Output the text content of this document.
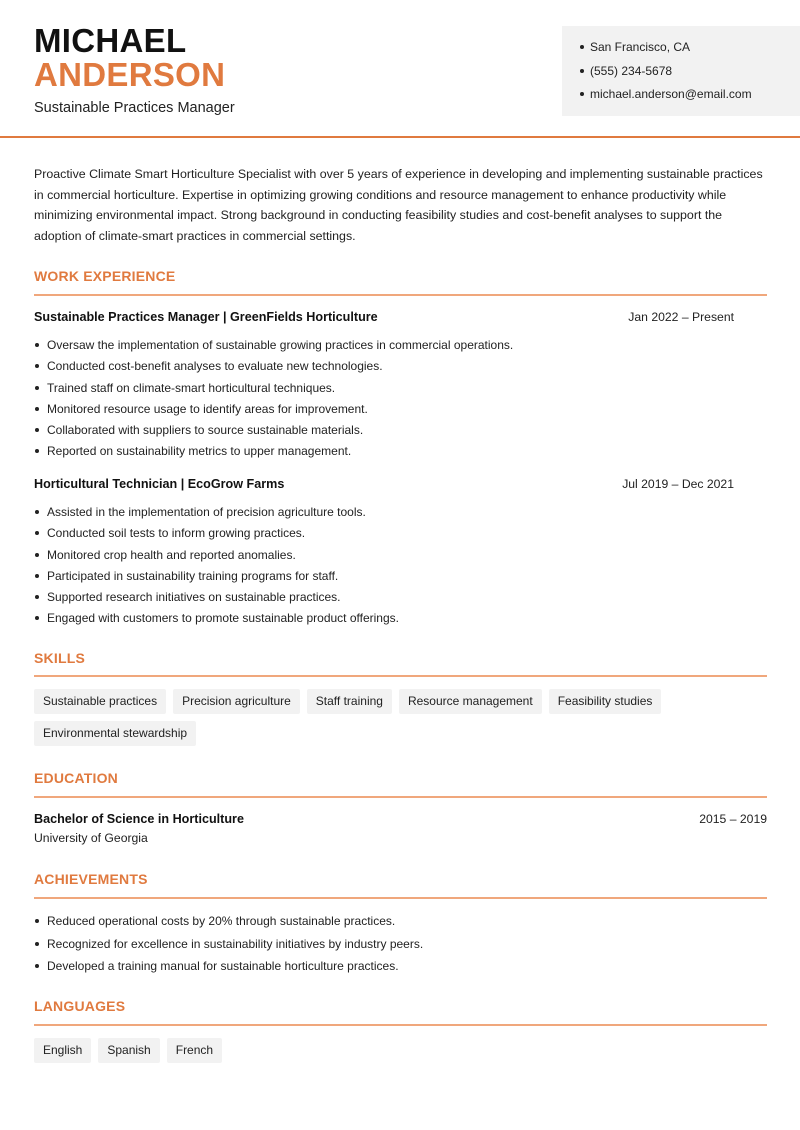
MICHAEL
ANDERSON
Sustainable Practices Manager
San Francisco, CA
(555) 234-5678
michael.anderson@email.com

Proactive Climate Smart Horticulture Specialist with over 5 years of experience in developing and implementing sustainable practices in commercial horticulture. Expertise in optimizing growing conditions and resource management to enhance productivity while minimizing environmental impact. Strong background in conducting feasibility studies and cost-benefit analyses to support the adoption of climate-smart practices in commercial settings.

WORK EXPERIENCE
Sustainable Practices Manager | GreenFields Horticulture	Jan 2022 – Present
Oversaw the implementation of sustainable growing practices in commercial operations.
Conducted cost-benefit analyses to evaluate new technologies.
Trained staff on climate-smart horticultural techniques.
Monitored resource usage to identify areas for improvement.
Collaborated with suppliers to source sustainable materials.
Reported on sustainability metrics to upper management.
Horticultural Technician | EcoGrow Farms	Jul 2019 – Dec 2021
Assisted in the implementation of precision agriculture tools.
Conducted soil tests to inform growing practices.
Monitored crop health and reported anomalies.
Participated in sustainability training programs for staff.
Supported research initiatives on sustainable practices.
Engaged with customers to promote sustainable product offerings.
SKILLS
Sustainable practices	Precision agriculture	Staff training	Resource management	Feasibility studies
Environmental stewardship
EDUCATION
Bachelor of Science in Horticulture	2015 – 2019
University of Georgia
ACHIEVEMENTS
Reduced operational costs by 20% through sustainable practices.
Recognized for excellence in sustainability initiatives by industry peers.
Developed a training manual for sustainable horticulture practices.
LANGUAGES
English	Spanish	French
